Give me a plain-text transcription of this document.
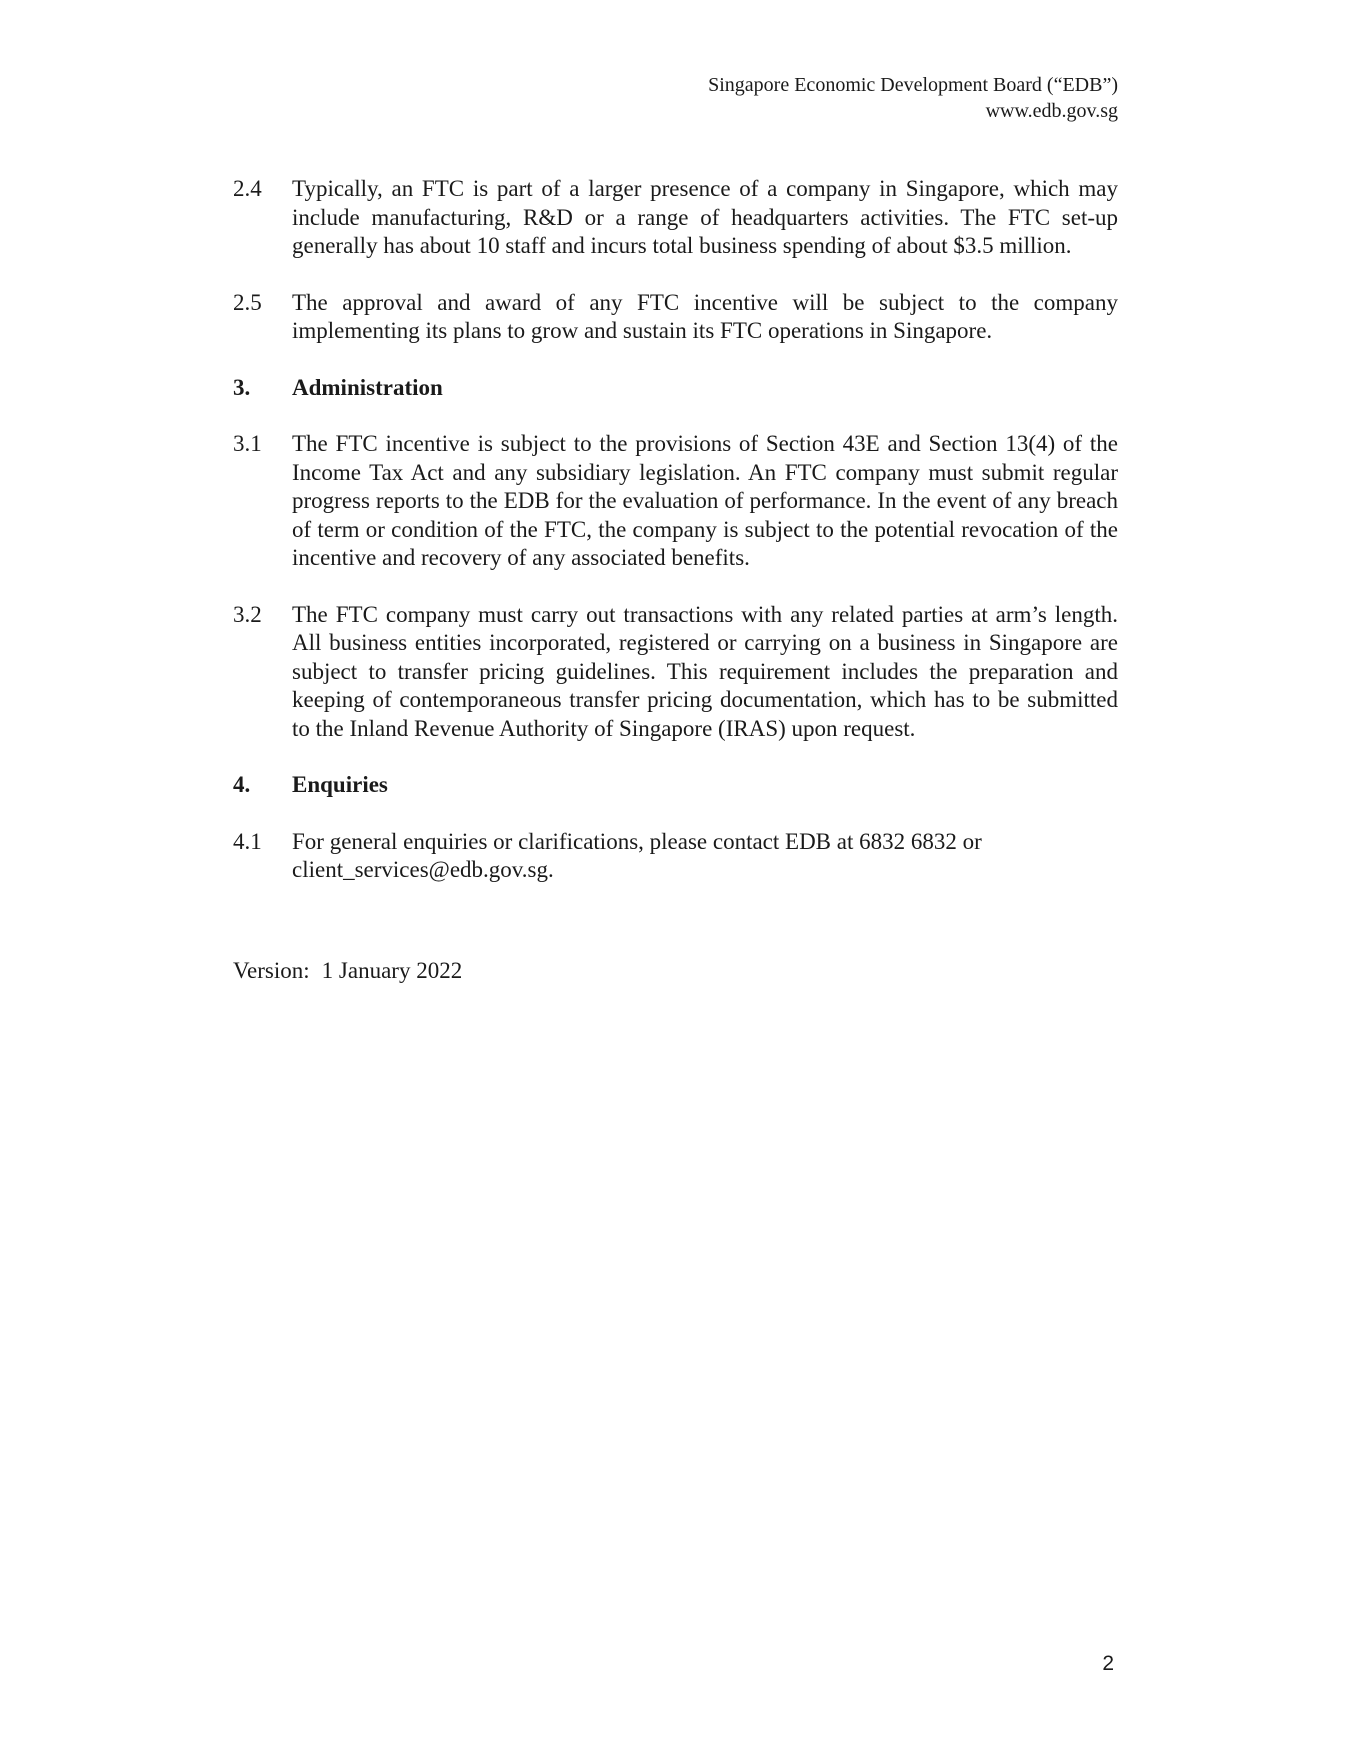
Singapore Economic Development Board (“EDB”)
www.edb.gov.sg
2.4	Typically, an FTC is part of a larger presence of a company in Singapore, which may include manufacturing, R&D or a range of headquarters activities. The FTC set-up generally has about 10 staff and incurs total business spending of about $3.5 million.
2.5	The approval and award of any FTC incentive will be subject to the company implementing its plans to grow and sustain its FTC operations in Singapore.
3.	Administration
3.1	The FTC incentive is subject to the provisions of Section 43E and Section 13(4) of the Income Tax Act and any subsidiary legislation. An FTC company must submit regular progress reports to the EDB for the evaluation of performance. In the event of any breach of term or condition of the FTC, the company is subject to the potential revocation of the incentive and recovery of any associated benefits.
3.2	The FTC company must carry out transactions with any related parties at arm’s length. All business entities incorporated, registered or carrying on a business in Singapore are subject to transfer pricing guidelines. This requirement includes the preparation and keeping of contemporaneous transfer pricing documentation, which has to be submitted to the Inland Revenue Authority of Singapore (IRAS) upon request.
4.	Enquiries
4.1	For general enquiries or clarifications, please contact EDB at 6832 6832 or
client_services@edb.gov.sg.
Version: 1 January 2022
2
